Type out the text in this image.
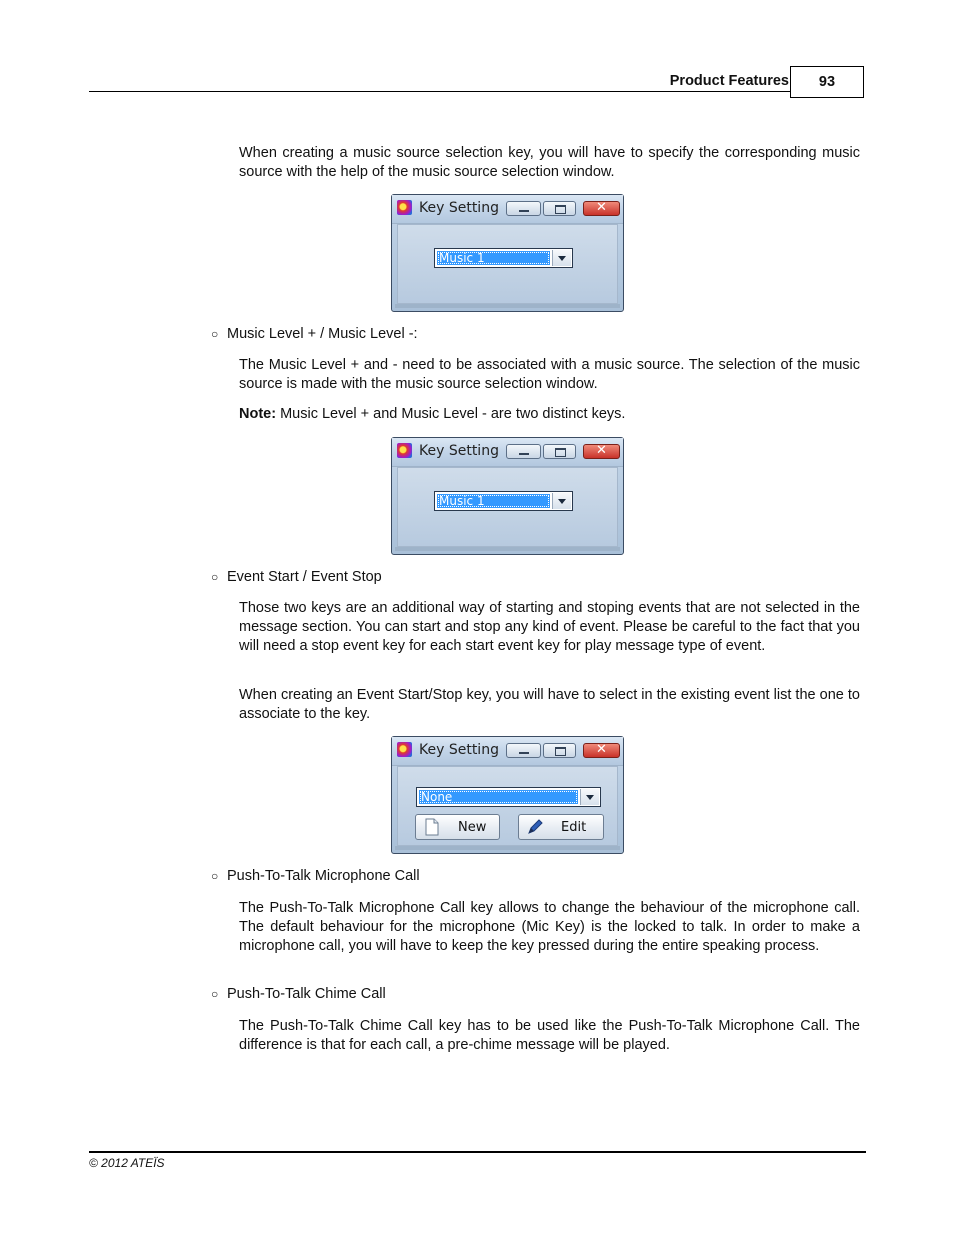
Product Features	93

When creating a music source selection key, you will have to specify the corresponding music source with the help of the music source selection window.

Key Setting	✕
Music 1
○ Music Level + / Music Level -:

The Music Level + and - need to be associated with a music source. The selection of the music source is made with the music source selection window.

Note: Music Level + and Music Level - are two distinct keys.

Key Setting	✕
Music 1
○ Event Start / Event Stop

Those two keys are an additional way of starting and stoping events that are not selected in the message section. You can start and stop any kind of event. Please be careful to the fact that you will need a stop event key for each start event key for play message type of event.

When creating an Event Start/Stop key, you will have to select in the existing event list the one to associate to the key.

Key Setting	✕
None
New	Edit
○ Push-To-Talk Microphone Call

The Push-To-Talk Microphone Call key allows to change the behaviour of the microphone call. The default behaviour for the microphone (Mic Key) is the locked to talk. In order to make a microphone call, you will have to keep the key pressed during the entire speaking process.

○ Push-To-Talk Chime Call

The Push-To-Talk Chime Call key has to be used like the Push-To-Talk Microphone Call. The difference is that for each call, a pre-chime message will be played.

© 2012 ATEÏS
